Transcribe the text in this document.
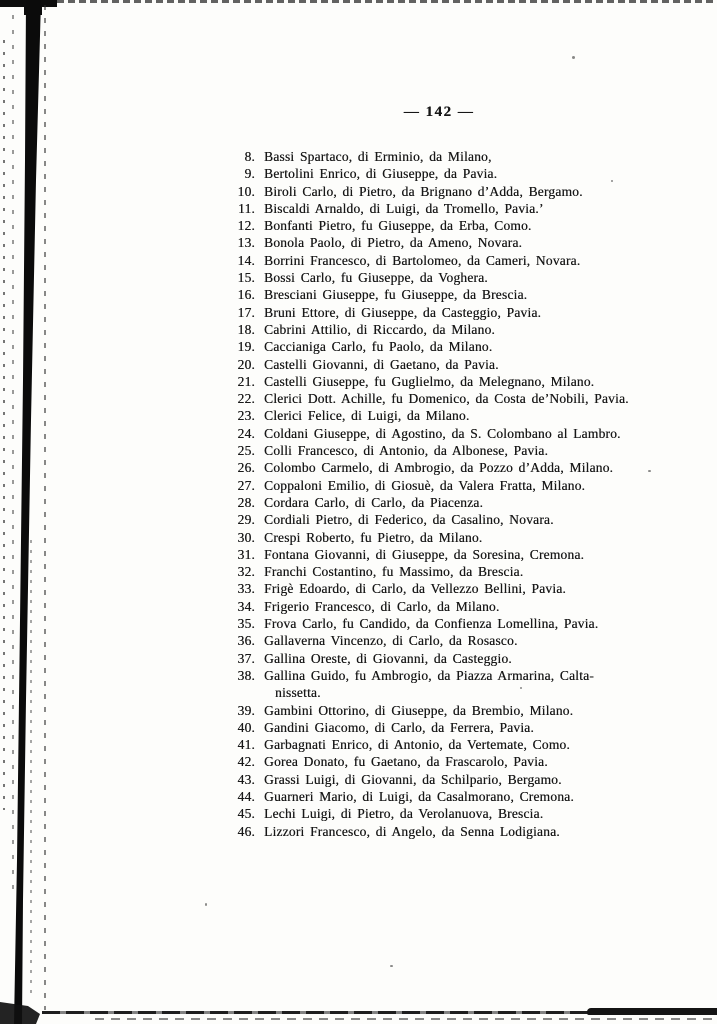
— 142 —
8. Bassi Spartaco, di Erminio, da Milano,
9. Bertolini Enrico, di Giuseppe, da Pavia.
10. Biroli Carlo, di Pietro, da Brignano d’Adda, Bergamo.
11. Biscaldi Arnaldo, di Luigi, da Tromello, Pavia.’
12. Bonfanti Pietro, fu Giuseppe, da Erba, Como.
13. Bonola Paolo, di Pietro, da Ameno, Novara.
14. Borrini Francesco, di Bartolomeo, da Cameri, Novara.
15. Bossi Carlo, fu Giuseppe, da Voghera.
16. Bresciani Giuseppe, fu Giuseppe, da Brescia.
17. Bruni Ettore, di Giuseppe, da Casteggio, Pavia.
18. Cabrini Attilio, di Riccardo, da Milano.
19. Caccianiga Carlo, fu Paolo, da Milano.
20. Castelli Giovanni, di Gaetano, da Pavia.
21. Castelli Giuseppe, fu Guglielmo, da Melegnano, Milano.
22. Clerici Dott. Achille, fu Domenico, da Costa de’Nobili, Pavia.
23. Clerici Felice, di Luigi, da Milano.
24. Coldani Giuseppe, di Agostino, da S. Colombano al Lambro.
25. Colli Francesco, di Antonio, da Albonese, Pavia.
26. Colombo Carmelo, di Ambrogio, da Pozzo d’Adda, Milano.
27. Coppaloni Emilio, di Giosuè, da Valera Fratta, Milano.
28. Cordara Carlo, di Carlo, da Piacenza.
29. Cordiali Pietro, di Federico, da Casalino, Novara.
30. Crespi Roberto, fu Pietro, da Milano.
31. Fontana Giovanni, di Giuseppe, da Soresina, Cremona.
32. Franchi Costantino, fu Massimo, da Brescia.
33. Frigè Edoardo, di Carlo, da Vellezzo Bellini, Pavia.
34. Frigerio Francesco, di Carlo, da Milano.
35. Frova Carlo, fu Candido, da Confienza Lomellina, Pavia.
36. Gallaverna Vincenzo, di Carlo, da Rosasco.
37. Gallina Oreste, di Giovanni, da Casteggio.
38. Gallina Guido, fu Ambrogio, da Piazza Armarina, Calta-
nissetta.
39. Gambini Ottorino, di Giuseppe, da Brembio, Milano.
40. Gandini Giacomo, di Carlo, da Ferrera, Pavia.
41. Garbagnati Enrico, di Antonio, da Vertemate, Como.
42. Gorea Donato, fu Gaetano, da Frascarolo, Pavia.
43. Grassi Luigi, di Giovanni, da Schilpario, Bergamo.
44. Guarneri Mario, di Luigi, da Casalmorano, Cremona.
45. Lechi Luigi, di Pietro, da Verolanuova, Brescia.
46. Lizzori Francesco, di Angelo, da Senna Lodigiana.
